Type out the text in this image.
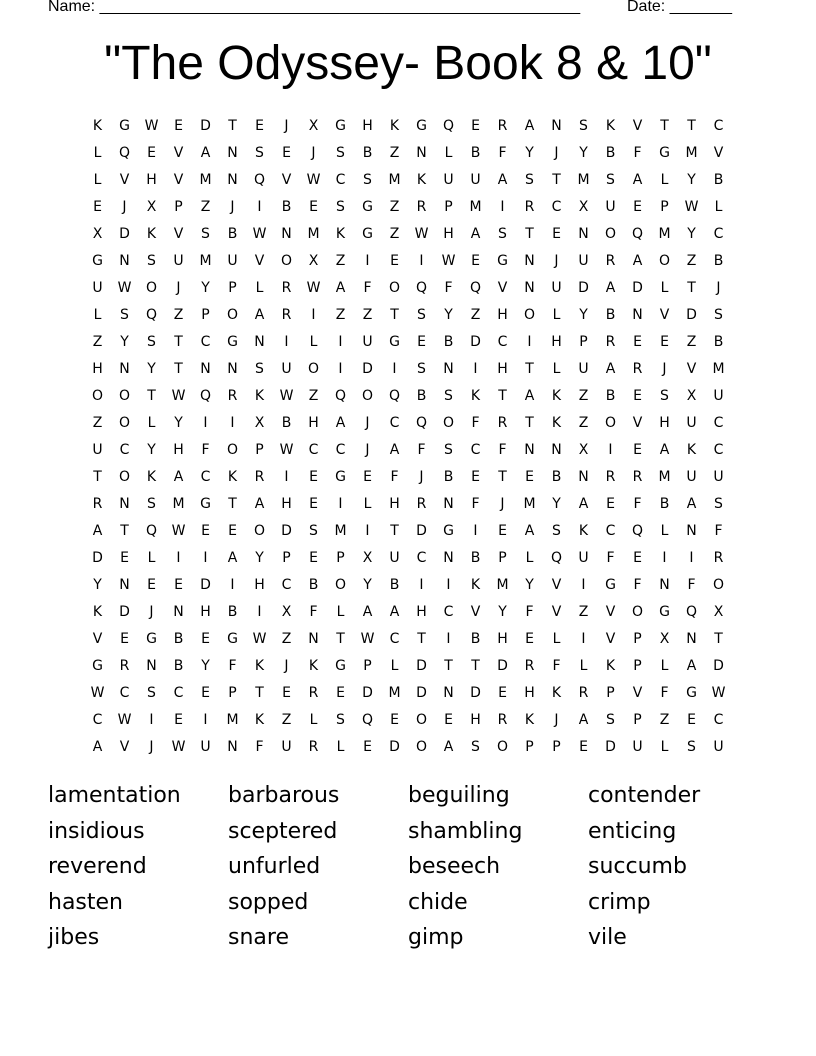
Name: ______________________________________________________	Date: _______
"The Odyssey- Book 8 & 10"
K	G	W	E	D	T	E	J	X	G	H	K	G	Q	E	R	A	N	S	K	V	T	T	C
L	Q	E	V	A	N	S	E	J	S	B	Z	N	L	B	F	Y	J	Y	B	F	G	M	V
L	V	H	V	M	N	Q	V	W	C	S	M	K	U	U	A	S	T	M	S	A	L	Y	B
E	J	X	P	Z	J	I	B	E	S	G	Z	R	P	M	I	R	C	X	U	E	P	W	L
X	D	K	V	S	B	W	N	M	K	G	Z	W	H	A	S	T	E	N	O	Q	M	Y	C
G	N	S	U	M	U	V	O	X	Z	I	E	I	W	E	G	N	J	U	R	A	O	Z	B
U	W	O	J	Y	P	L	R	W	A	F	O	Q	F	Q	V	N	U	D	A	D	L	T	J
L	S	Q	Z	P	O	A	R	I	Z	Z	T	S	Y	Z	H	O	L	Y	B	N	V	D	S
Z	Y	S	T	C	G	N	I	L	I	U	G	E	B	D	C	I	H	P	R	E	E	Z	B
H	N	Y	T	N	N	S	U	O	I	D	I	S	N	I	H	T	L	U	A	R	J	V	M
O	O	T	W	Q	R	K	W	Z	Q	O	Q	B	S	K	T	A	K	Z	B	E	S	X	U
Z	O	L	Y	I	I	X	B	H	A	J	C	Q	O	F	R	T	K	Z	O	V	H	U	C
U	C	Y	H	F	O	P	W	C	C	J	A	F	S	C	F	N	N	X	I	E	A	K	C
T	O	K	A	C	K	R	I	E	G	E	F	J	B	E	T	E	B	N	R	R	M	U	U
R	N	S	M	G	T	A	H	E	I	L	H	R	N	F	J	M	Y	A	E	F	B	A	S
A	T	Q	W	E	E	O	D	S	M	I	T	D	G	I	E	A	S	K	C	Q	L	N	F
D	E	L	I	I	A	Y	P	E	P	X	U	C	N	B	P	L	Q	U	F	E	I	I	R
Y	N	E	E	D	I	H	C	B	O	Y	B	I	I	K	M	Y	V	I	G	F	N	F	O
K	D	J	N	H	B	I	X	F	L	A	A	H	C	V	Y	F	V	Z	V	O	G	Q	X
V	E	G	B	E	G	W	Z	N	T	W	C	T	I	B	H	E	L	I	V	P	X	N	T
G	R	N	B	Y	F	K	J	K	G	P	L	D	T	T	D	R	F	L	K	P	L	A	D
W	C	S	C	E	P	T	E	R	E	D	M	D	N	D	E	H	K	R	P	V	F	G	W
C	W	I	E	I	M	K	Z	L	S	Q	E	O	E	H	R	K	J	A	S	P	Z	E	C
A	V	J	W	U	N	F	U	R	L	E	D	O	A	S	O	P	P	E	D	U	L	S	U
lamentation	barbarous	beguiling	contender
insidious	sceptered	shambling	enticing
reverend	unfurled	beseech	succumb
hasten	sopped	chide	crimp
jibes	snare	gimp	vile
